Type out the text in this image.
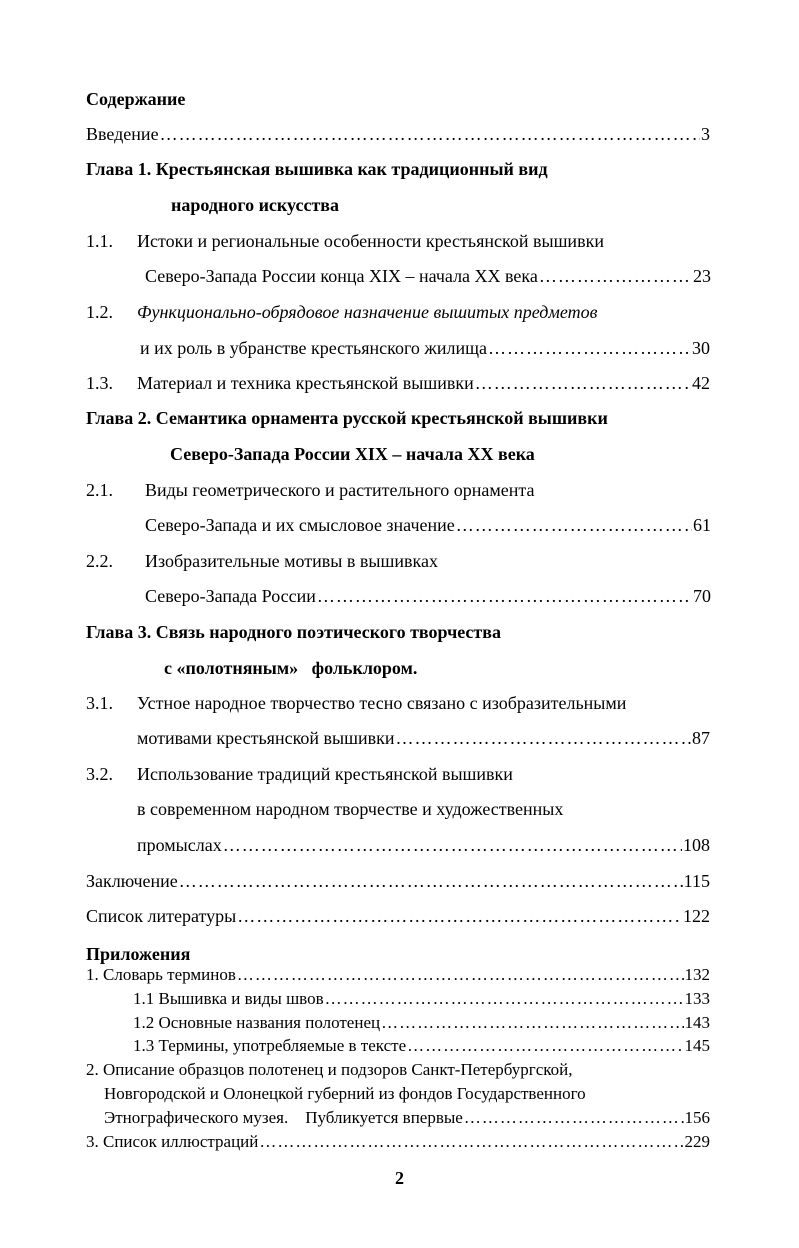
Содержание
Введение ……………………………………………………………………………………………………………………………………………………	3
Глава 1. Крестьянская вышивка как традиционный вид
народного искусства
1.1. Истоки и региональные особенности крестьянской вышивки
Северо-Запада России конца XIX – начала XX века ……………………………………………………………………………………………………………………………………………………	23
1.2. Функционально-обрядовое назначение вышитых предметов
и их роль в убранстве крестьянского жилища ……………………………………………………………………………………………………………………………………………………	30
1.3. Материал и техника крестьянской вышивки ……………………………………………………………………………………………………………………………………………………	42
Глава 2. Семантика орнамента русской крестьянской вышивки
Северо-Запада России XIX – начала XX века
2.1. Виды геометрического и растительного орнамента
Северо-Запада и их смысловое значение ……………………………………………………………………………………………………………………………………………………	61
2.2. Изобразительные мотивы в вышивках
Северо-Запада России ……………………………………………………………………………………………………………………………………………………	70
Глава 3. Связь народного поэтического творчества
с «полотняным»   фольклором.
3.1. Устное народное творчество тесно связано с изобразительными
мотивами крестьянской вышивки ……………………………………………………………………………………………………………………………………………………	87
3.2. Использование традиций крестьянской вышивки
в современном народном творчестве и художественных
промыслах ……………………………………………………………………………………………………………………………………………………	108
Заключение ……………………………………………………………………………………………………………………………………………………	115
Список литературы ……………………………………………………………………………………………………………………………………………………	122
Приложения
1. Словарь терминов ……………………………………………………………………………………………………………………………………………………	132
1.1 Вышивка и виды швов ……………………………………………………………………………………………………………………………………………………	133
1.2 Основные названия полотенец ……………………………………………………………………………………………………………………………………………………	143
1.3 Термины, употребляемые в тексте ……………………………………………………………………………………………………………………………………………………	145
2. Описание образцов полотенец и подзоров Санкт-Петербургской,
Новгородской и Олонецкой губерний из фондов Государственного
Этнографического музея.    Публикуется впервые ……………………………………………………………………………………………………………………………………………………	156
3. Список иллюстраций ……………………………………………………………………………………………………………………………………………………	229
2
